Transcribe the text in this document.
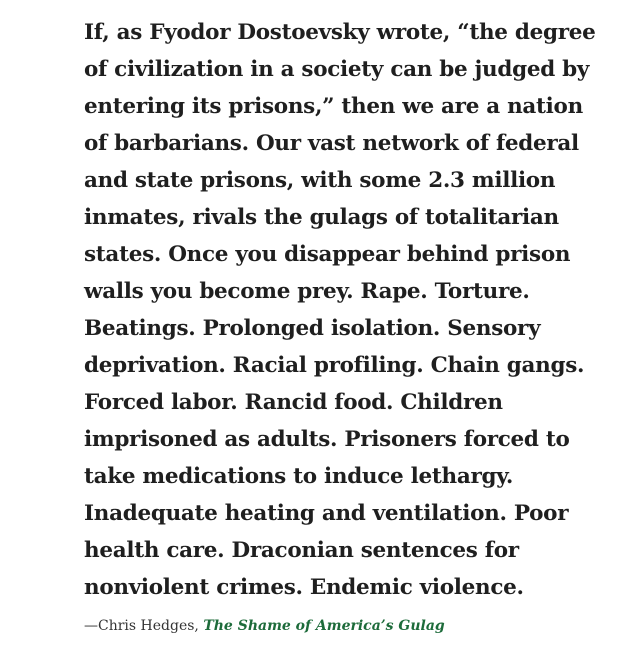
If, as Fyodor Dostoevsky wrote, “the degree
of civilization in a society can be judged by
entering its prisons,” then we are a nation
of barbarians. Our vast network of federal
and state prisons, with some 2.3 million
inmates, rivals the gulags of totalitarian
states. Once you disappear behind prison
walls you become prey. Rape. Torture.
Beatings. Prolonged isolation. Sensory
deprivation. Racial profiling. Chain gangs.
Forced labor. Rancid food. Children
imprisoned as adults. Prisoners forced to
take medications to induce lethargy.
Inadequate heating and ventilation. Poor
health care. Draconian sentences for
nonviolent crimes. Endemic violence.

—Chris Hedges, The Shame of America’s Gulag
